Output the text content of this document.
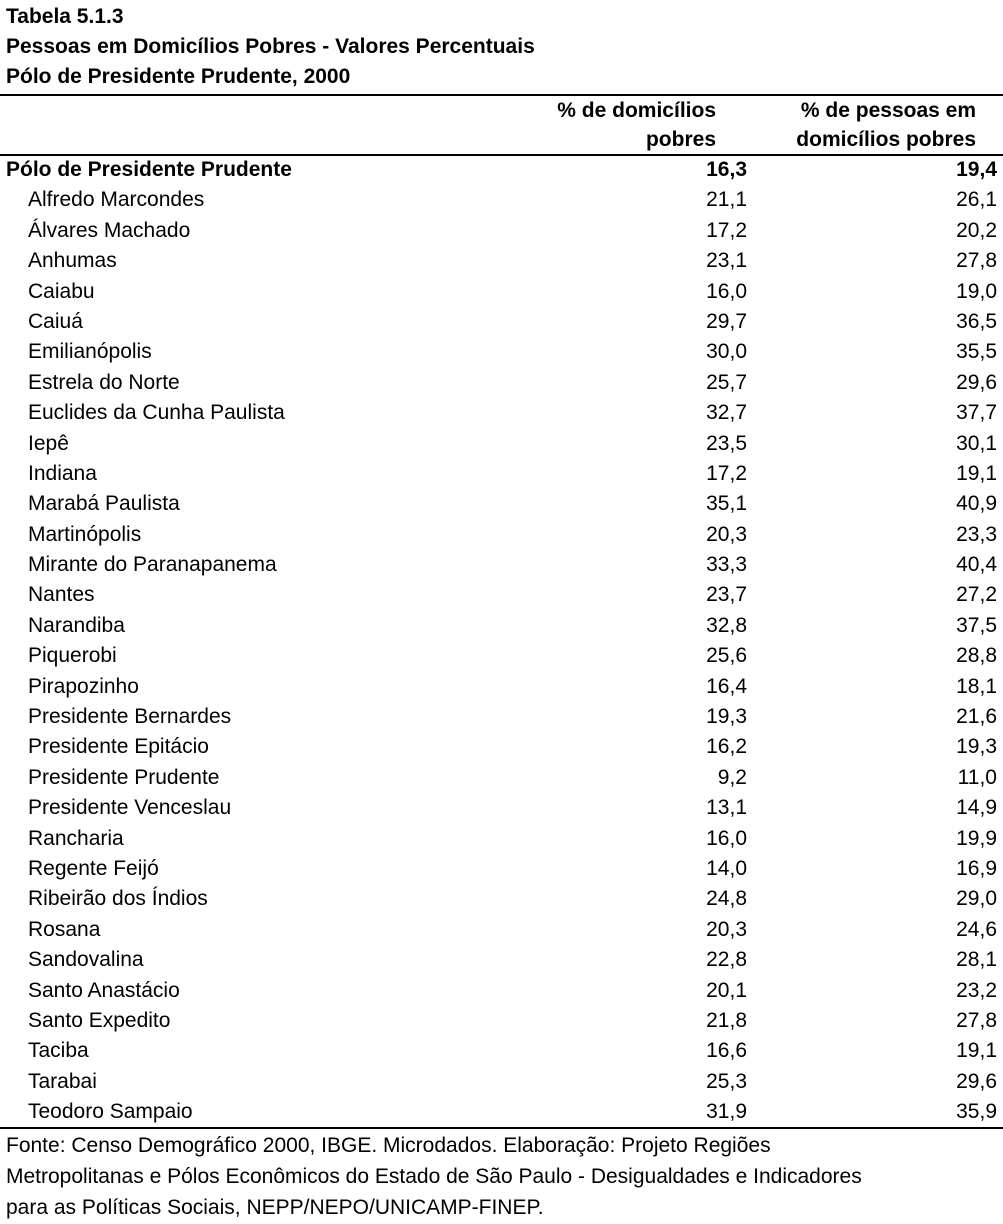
Tabela 5.1.3
Pessoas em Domicílios Pobres - Valores Percentuais
Pólo de Presidente Prudente, 2000
% de domicílios
pobres
% de pessoas em
domicílios pobres
Pólo de Presidente Prudente	16,3	19,4
Alfredo Marcondes	21,1	26,1
Álvares Machado	17,2	20,2
Anhumas	23,1	27,8
Caiabu	16,0	19,0
Caiuá	29,7	36,5
Emilianópolis	30,0	35,5
Estrela do Norte	25,7	29,6
Euclides da Cunha Paulista	32,7	37,7
Iepê	23,5	30,1
Indiana	17,2	19,1
Marabá Paulista	35,1	40,9
Martinópolis	20,3	23,3
Mirante do Paranapanema	33,3	40,4
Nantes	23,7	27,2
Narandiba	32,8	37,5
Piquerobi	25,6	28,8
Pirapozinho	16,4	18,1
Presidente Bernardes	19,3	21,6
Presidente Epitácio	16,2	19,3
Presidente Prudente	9,2	11,0
Presidente Venceslau	13,1	14,9
Rancharia	16,0	19,9
Regente Feijó	14,0	16,9
Ribeirão dos Índios	24,8	29,0
Rosana	20,3	24,6
Sandovalina	22,8	28,1
Santo Anastácio	20,1	23,2
Santo Expedito	21,8	27,8
Taciba	16,6	19,1
Tarabai	25,3	29,6
Teodoro Sampaio	31,9	35,9
Fonte: Censo Demográfico 2000, IBGE. Microdados. Elaboração: Projeto Regiões
Metropolitanas e Pólos Econômicos do Estado de São Paulo - Desigualdades e Indicadores
para as Políticas Sociais, NEPP/NEPO/UNICAMP-FINEP.
